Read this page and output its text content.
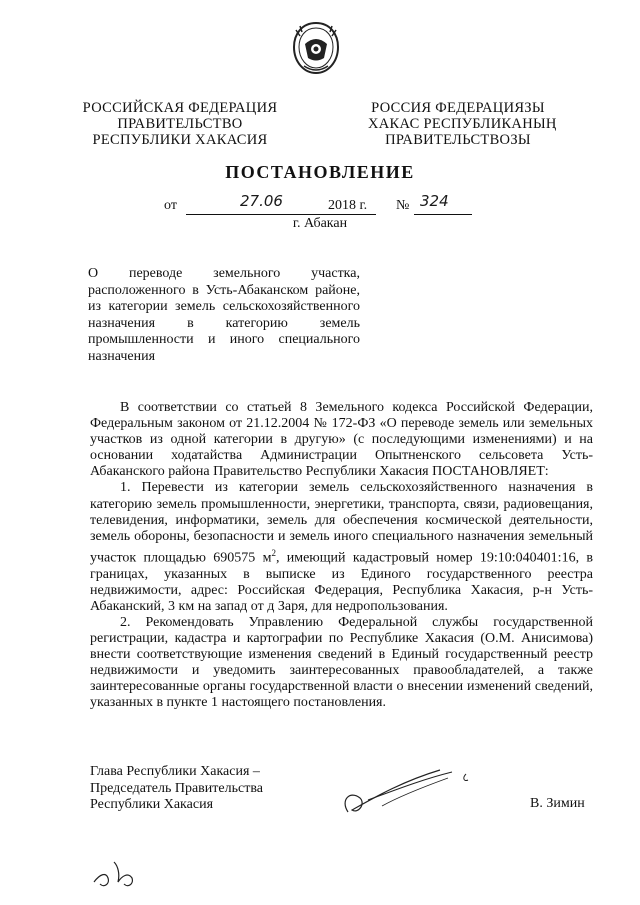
РОССИЙСКАЯ ФЕДЕРАЦИЯ
ПРАВИТЕЛЬСТВО
РЕСПУБЛИКИ ХАКАСИЯ
РОССИЯ ФЕДЕРАЦИЯЗЫ
ХАКАС РЕСПУБЛИКАНЫҢ
ПРАВИТЕЛЬСТВОЗЫ
ПОСТАНОВЛЕНИЕ
от	27.06	2018 г. № 324
г. Абакан
О переводе земельного участка,
расположенного в Усть-Абаканском районе,
из категории земель сельскохозяйственного
назначения в категорию земель
промышленности и иного специального
назначения

В соответствии со статьей 8 Земельного кодекса Российской Федерации, Федеральным законом от 21.12.2004 № 172-ФЗ «О переводе земель или земельных участков из одной категории в другую» (с последующими изменениями) и на основании ходатайства Администрации Опытненского сельсовета Усть-Абаканского района Правительство Республики Хакасия ПОСТАНОВЛЯЕТ:

1. Перевести из категории земель сельскохозяйственного назначения в категорию земель промышленности, энергетики, транспорта, связи, радиовещания, телевидения, информатики, земель для обеспечения космической деятельности, земель обороны, безопасности и земель иного специального назначения земельный участок площадью 690575 $м^2$, имеющий кадастровый номер 19:10:040401:16, в границах, указанных в выписке из Единого государственного реестра недвижимости, адрес: Российская Федерация, Республика Хакасия, р-н Усть-Абаканский, 3 км на запад от д Заря, для недропользования.

2. Рекомендовать Управлению Федеральной службы государственной регистрации, кадастра и картографии по Республике Хакасия (О.М. Анисимова) внести соответствующие изменения сведений в Единый государственный реестр недвижимости и уведомить заинтересованных правообладателей, а также заинтересованные органы государственной власти о внесении изменений сведений, указанных в пункте 1 настоящего постановления.

Глава Республики Хакасия –
Председатель Правительства
Республики Хакасия	В. Зимин
